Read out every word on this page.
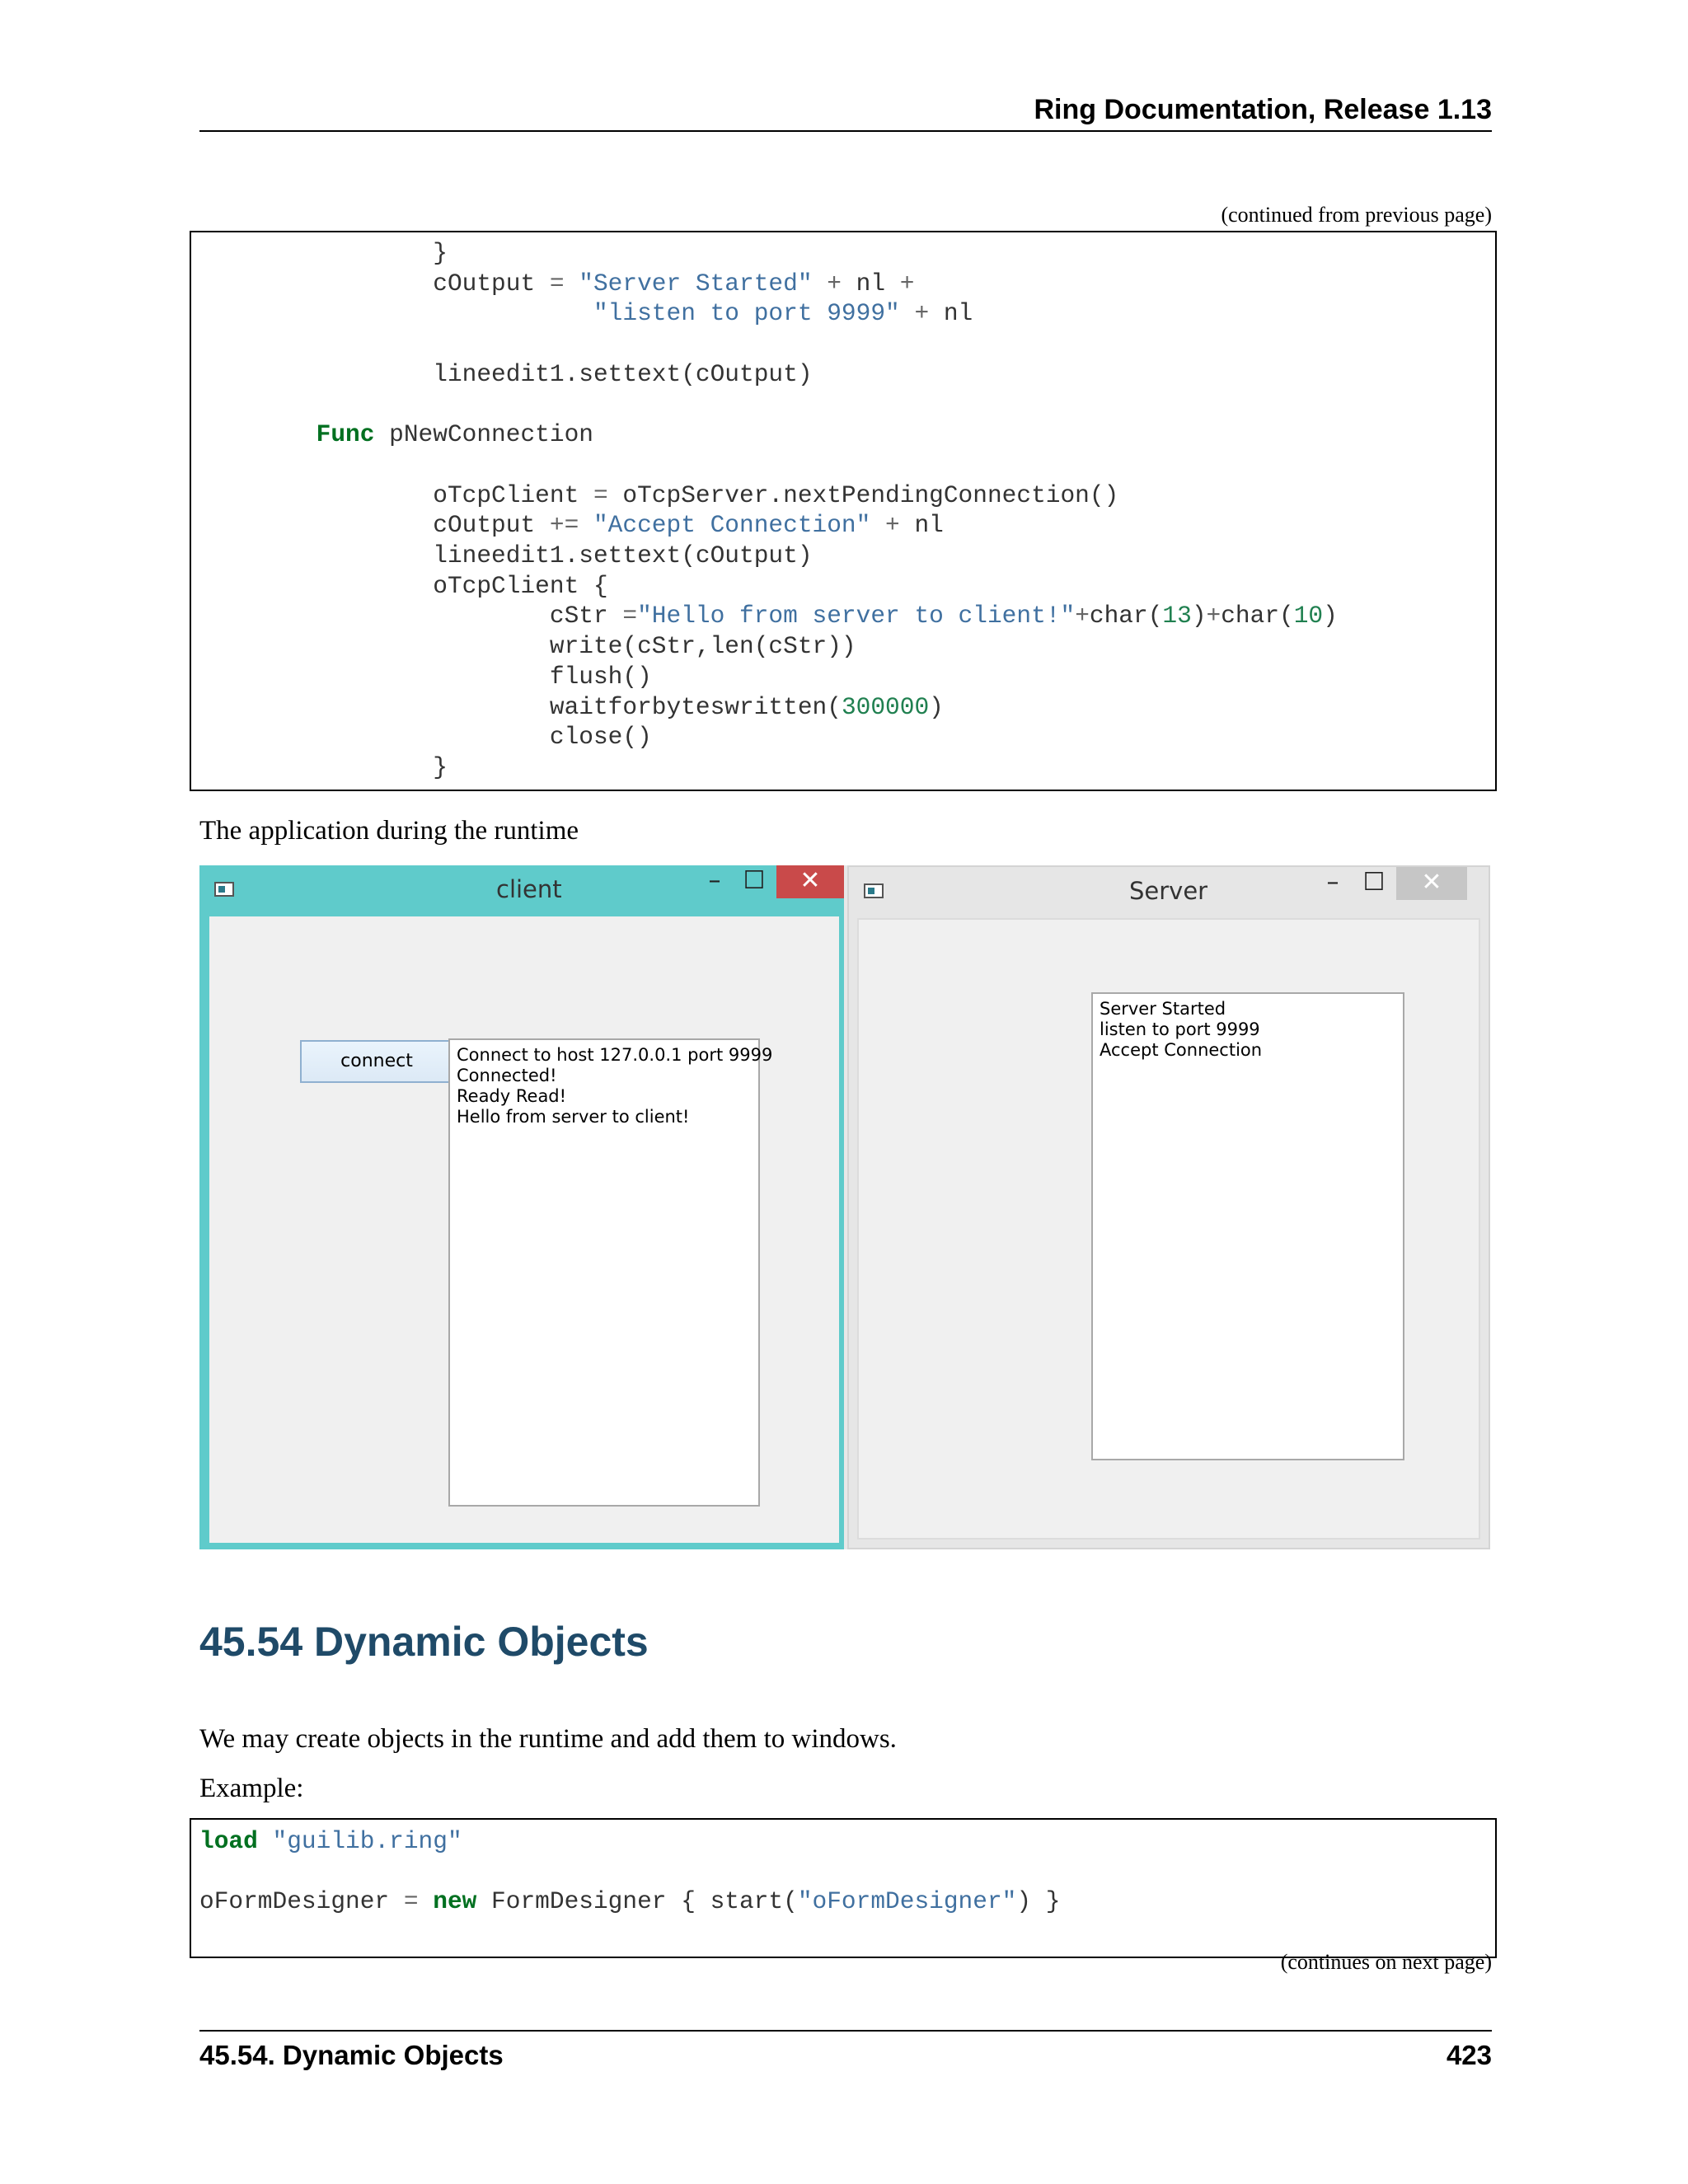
Ring Documentation, Release 1.13
(continued from previous page)
}
cOutput = "Server Started" + nl +
"listen to port 9999" + nl

lineedit1.settext(cOutput)

Func pNewConnection

oTcpClient = oTcpServer.nextPendingConnection()
cOutput += "Accept Connection" + nl
lineedit1.settext(cOutput)
oTcpClient {
cStr ="Hello from server to client!"+char(13)+char(10)
write(cStr,len(cStr))
flush()
waitforbyteswritten(300000)
close()
}
The application during the runtime
client	– ☐	✕
connect	Connect to host 127.0.0.1 port 9999
Connected!
Ready Read!
Hello from server to client!
Server	– ☐	✕
Server Started
listen to port 9999
Accept Connection
45.54 Dynamic Objects
We may create objects in the runtime and add them to windows.
Example:
load "guilib.ring"

oFormDesigner = new FormDesigner { start("oFormDesigner") }

(continues on next page)
45.54. Dynamic Objects	423
